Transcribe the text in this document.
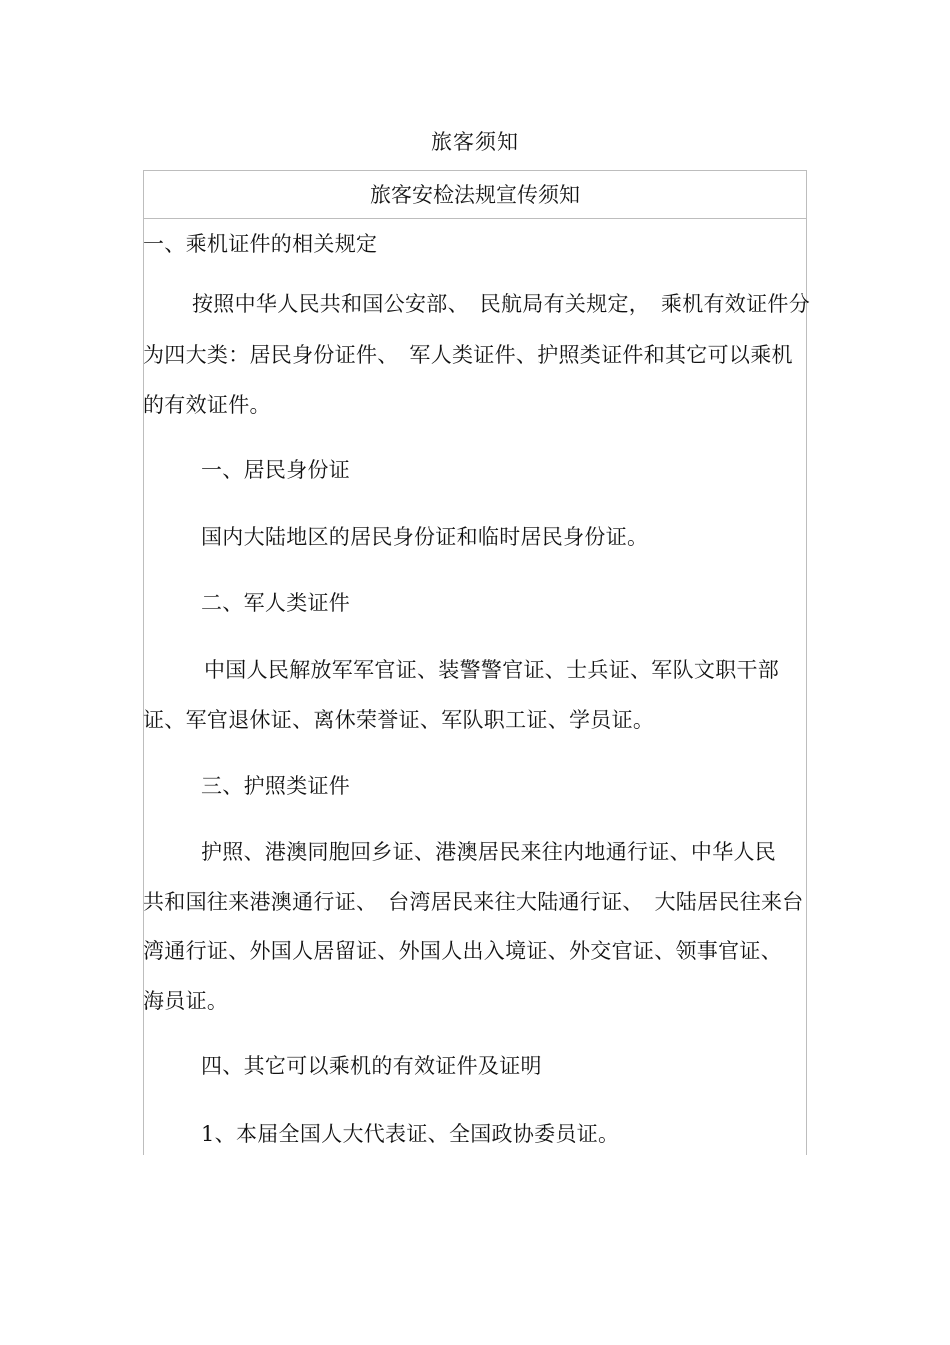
旅客须知
旅客安检法规宣传须知
一、乘机证件的相关规定
按照中华人民共和国公安部、　民航局有关规定，　乘机有效证件分
为四大类：居民身份证件、　军人类证件、护照类证件和其它可以乘机
的有效证件。
一、居民身份证
国内大陆地区的居民身份证和临时居民身份证。
二、军人类证件
中国人民解放军军官证、装警警官证、士兵证、军队文职干部
证、军官退休证、离休荣誉证、军队职工证、学员证。
三、护照类证件
护照、港澳同胞回乡证、港澳居民来往内地通行证、中华人民
共和国往来港澳通行证、　台湾居民来往大陆通行证、　大陆居民往来台
湾通行证、外国人居留证、外国人出入境证、外交官证、领事官证、
海员证。
四、其它可以乘机的有效证件及证明
1、本届全国人大代表证、全国政协委员证。
